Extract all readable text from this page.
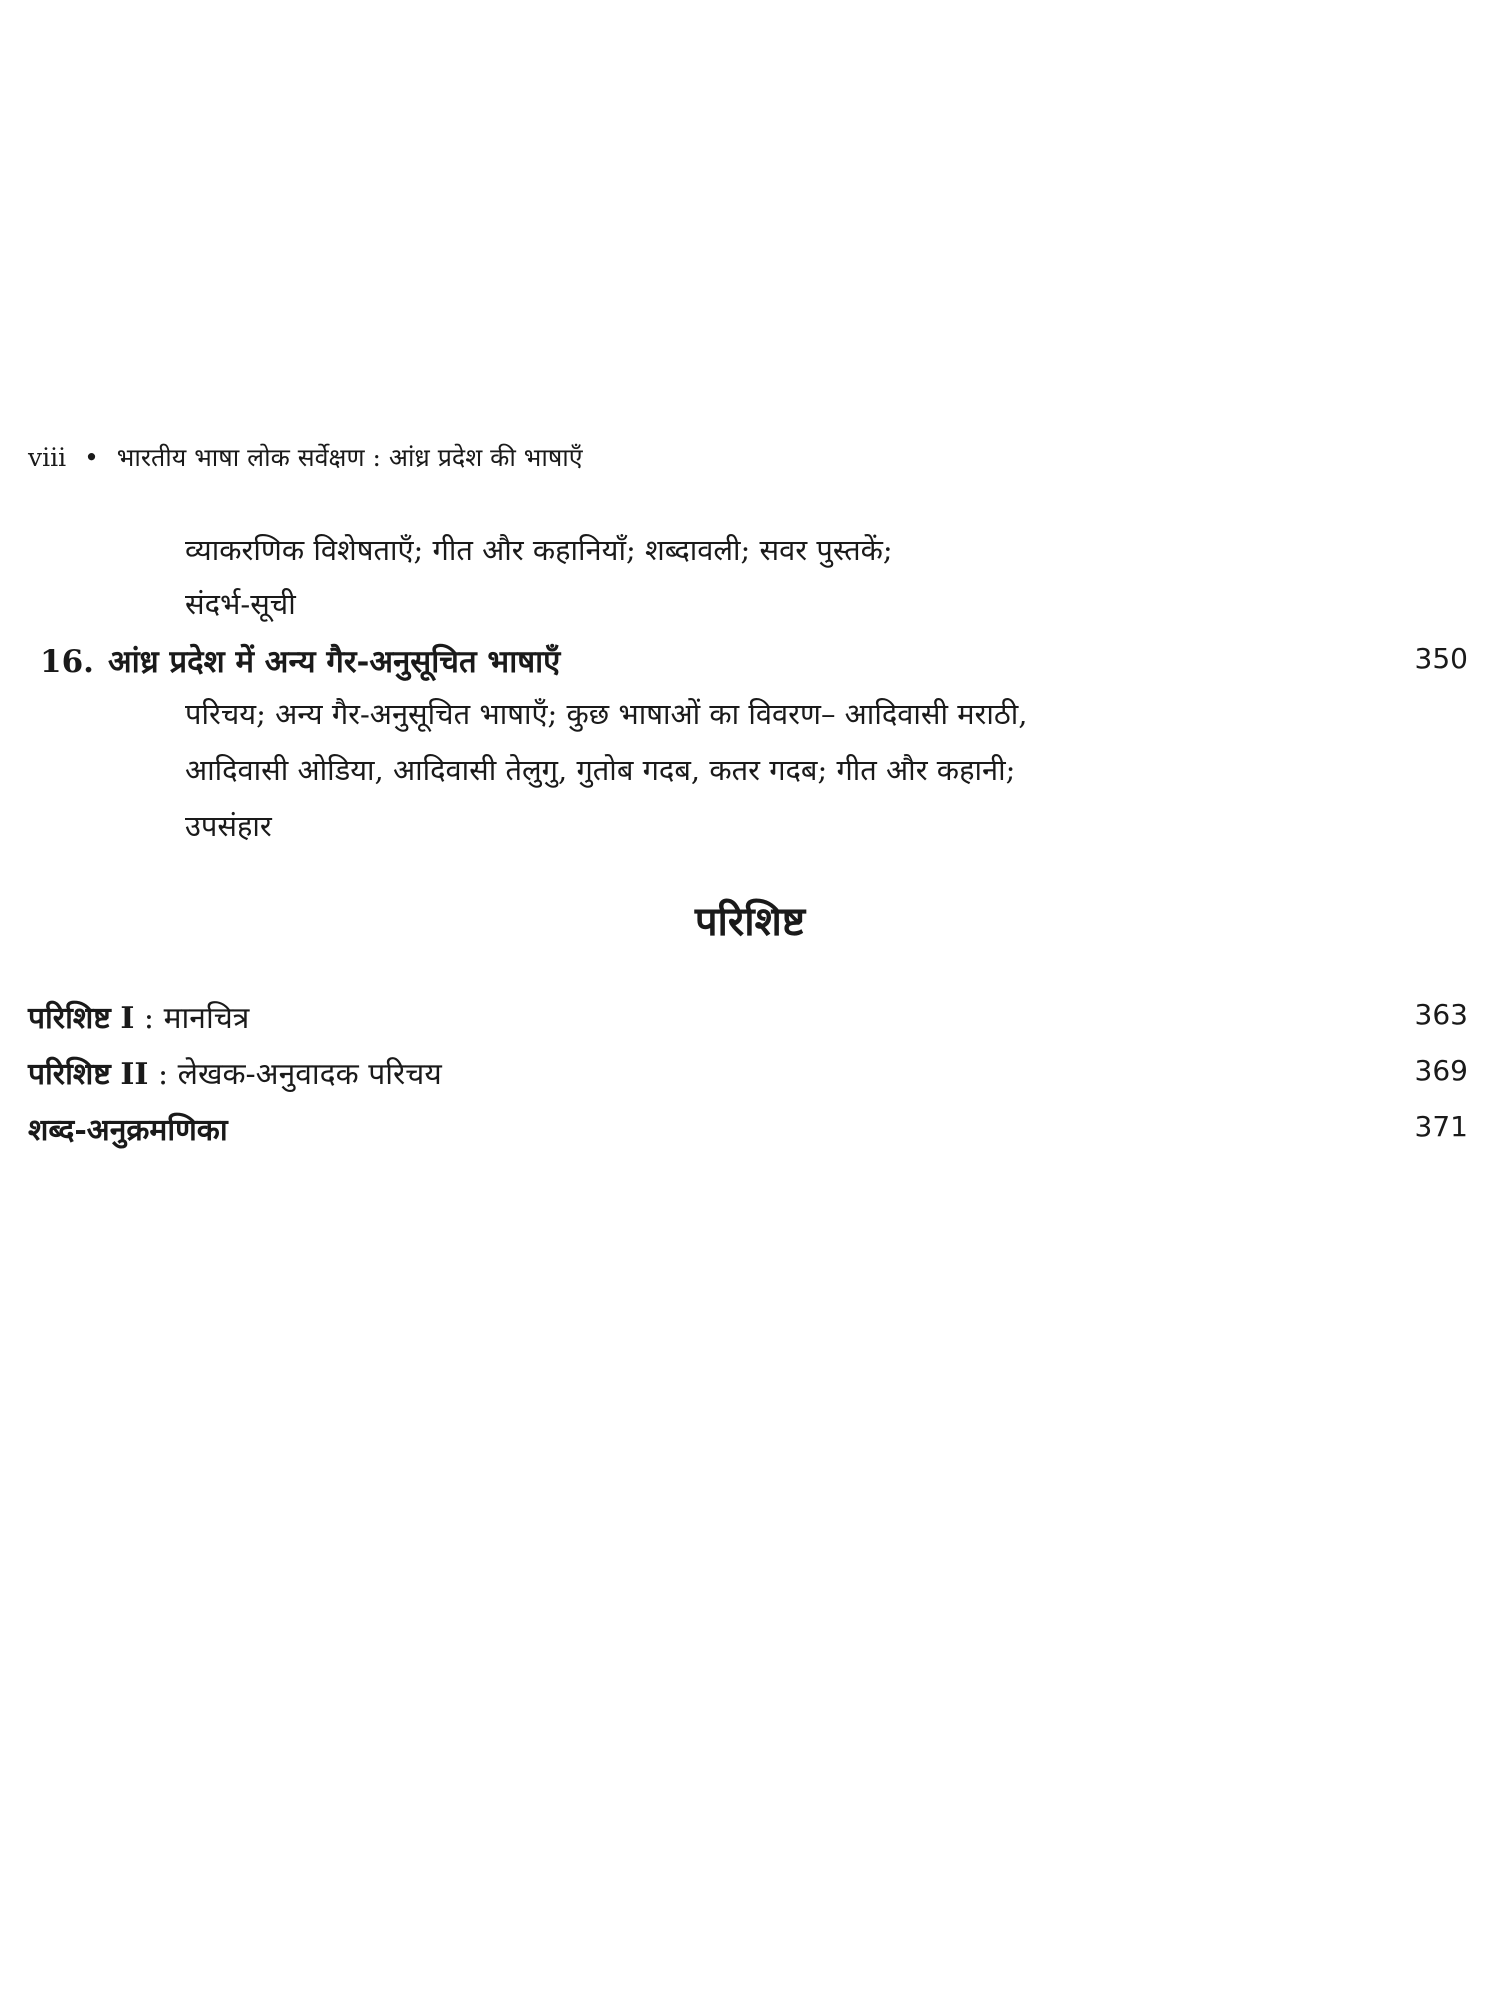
viii • भारतीय भाषा लोक सर्वेक्षण : आंध्र प्रदेश की भाषाएँ
व्याकरणिक विशेषताएँ; गीत और कहानियाँ; शब्दावली; सवर पुस्तकें;
संदर्भ-सूची
16. आंध्र प्रदेश में अन्य गैर-अनुसूचित भाषाएँ	350
परिचय; अन्य गैर-अनुसूचित भाषाएँ; कुछ भाषाओं का विवरण– आदिवासी मराठी,
आदिवासी ओडिया, आदिवासी तेलुगु, गुतोब गदब, कतर गदब; गीत और कहानी;
उपसंहार
परिशिष्ट
परिशिष्ट I : मानचित्र	363
परिशिष्ट II : लेखक-अनुवादक परिचय	369
शब्द-अनुक्रमणिका	371
